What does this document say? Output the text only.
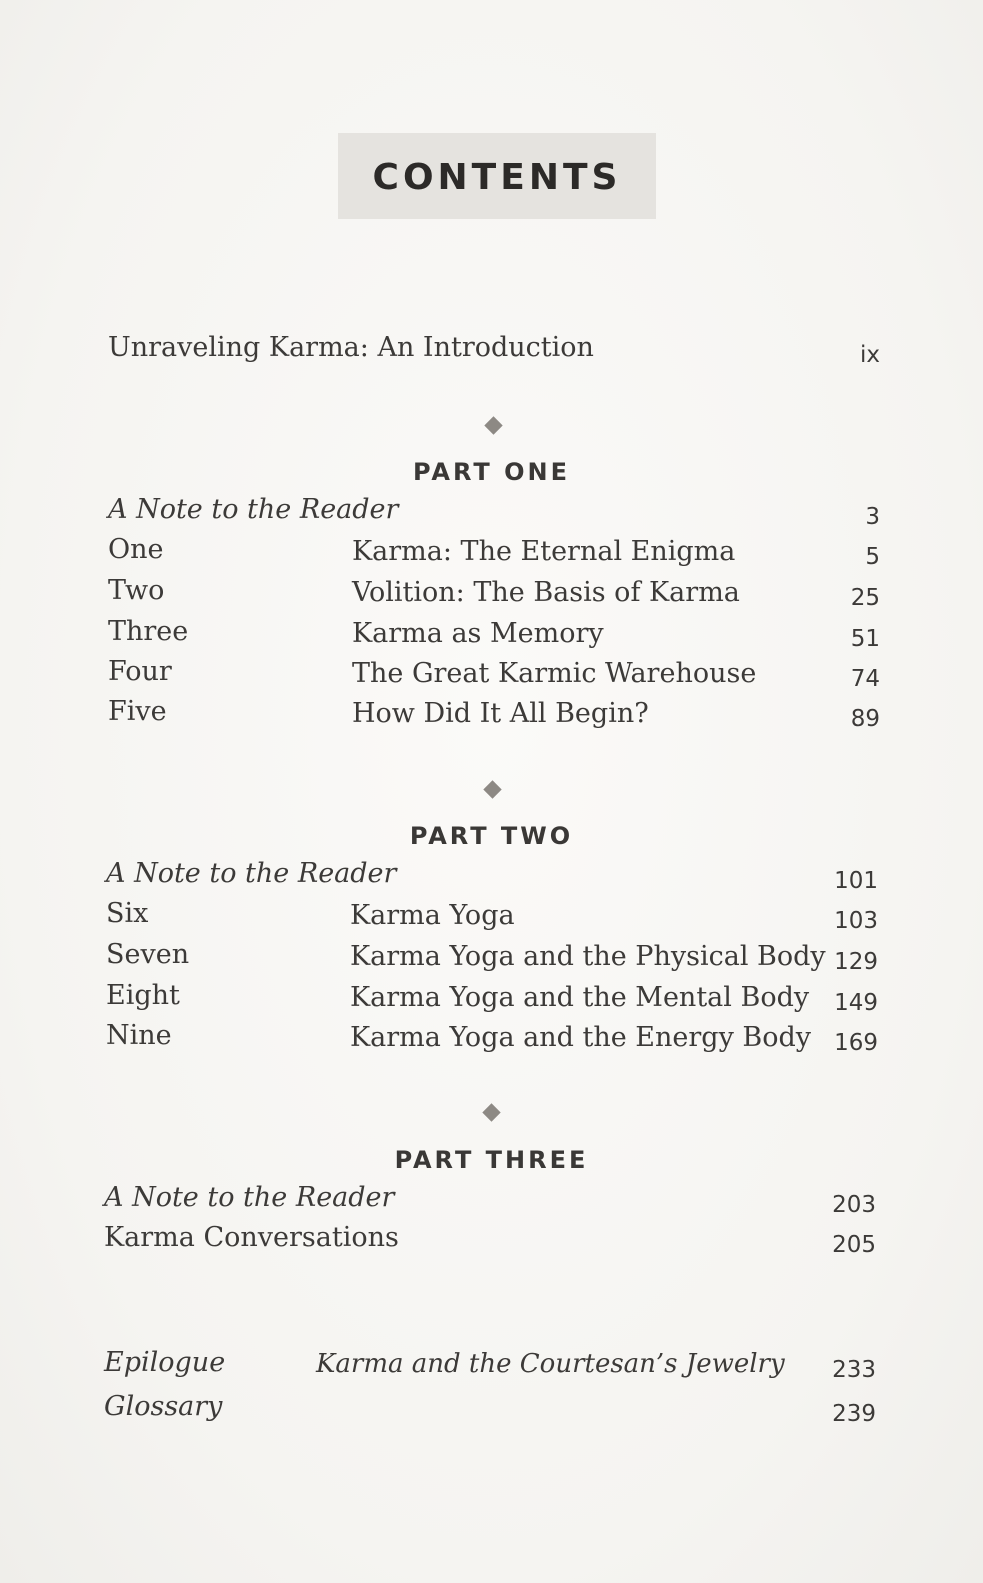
CONTENTS
Unraveling Karma: An Introduction	ix
PART ONE
A Note to the Reader	3
One	Karma: The Eternal Enigma	5
Two	Volition: The Basis of Karma	25
Three	Karma as Memory	51
Four	The Great Karmic Warehouse	74
Five	How Did It All Begin?	89
PART TWO
A Note to the Reader	101
Six	Karma Yoga	103
Seven	Karma Yoga and the Physical Body 129
Eight	Karma Yoga and the Mental Body	149
Nine	Karma Yoga and the Energy Body	169
PART THREE
A Note to the Reader	203
Karma Conversations	205
Epilogue	Karma and the Courtesan’s Jewelry	233
Glossary	239
